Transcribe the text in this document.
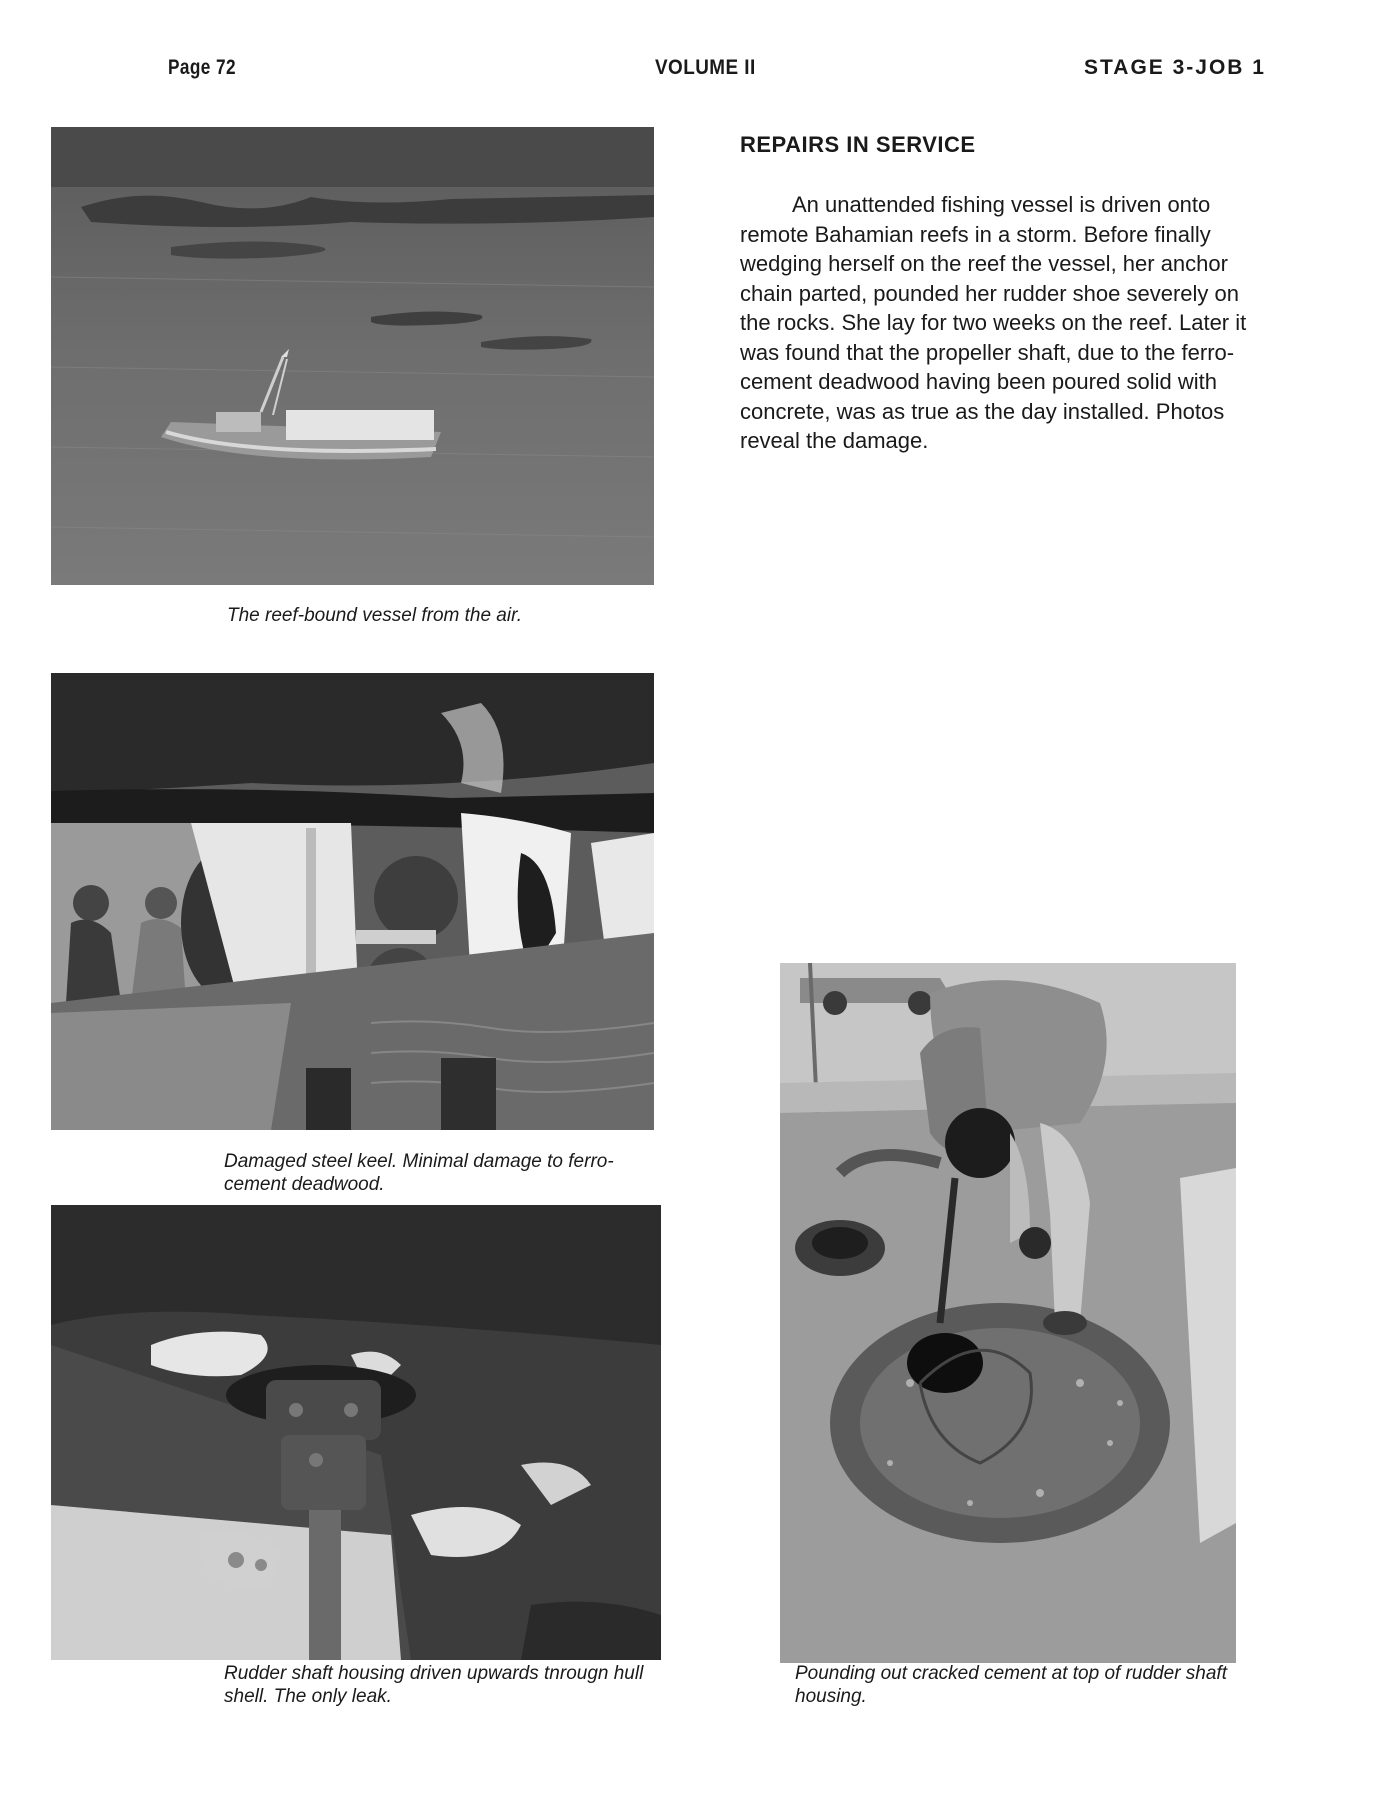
Page 72	VOLUME II	STAGE 3-JOB 1
The reef-bound vessel from the air.
Damaged steel keel. Minimal damage to ferro-cement deadwood.
Rudder shaft housing driven upwards tnrougn hull shell. The only leak.
Pounding out cracked cement at top of rudder shaft housing.
REPAIRS IN SERVICE
An unattended fishing vessel is driven onto remote Bahamian reefs in a storm. Before finally wedging herself on the reef the vessel, her anchor chain parted, pounded her rudder shoe severely on the rocks. She lay for two weeks on the reef. Later it was found that the propeller shaft, due to the ferro-cement deadwood having been poured solid with concrete, was as true as the day installed. Photos reveal the damage.
